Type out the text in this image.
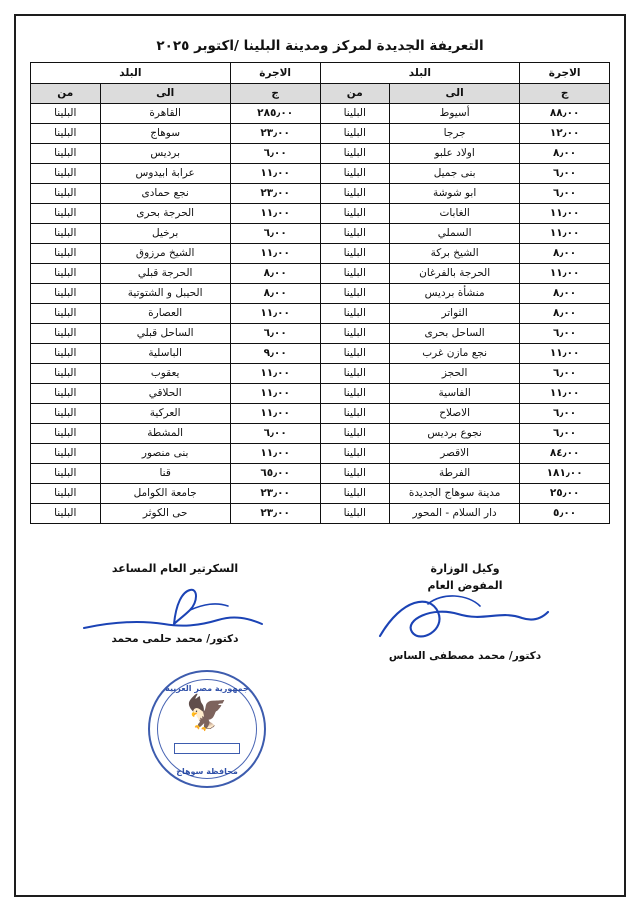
التعريفة الجديدة لمركز ومدينة البلينا /اكتوبر ٢٠٢٥
الاجرة	البلد		الاجرة	البلد	
ج	الى	من	ج	الى	من
٨٨٫٠٠	أسيوط	البلينا	٢٨٥٫٠٠	القاهرة	البلينا
١٢٫٠٠	جرجا	البلينا	٢٣٫٠٠	سوهاج	البلينا
٨٫٠٠	اولاد علبو	البلينا	٦٫٠٠	برديس	البلينا
٦٫٠٠	بنى جميل	البلينا	١١٫٠٠	عرابة ابيدوس	البلينا
٦٫٠٠	ابو شوشة	البلينا	٢٣٫٠٠	نجع حمادى	البلينا
١١٫٠٠	الغابات	البلينا	١١٫٠٠	الحرجة بحرى	البلينا
١١٫٠٠	السملي	البلينا	٦٫٠٠	برخيل	البلينا
٨٫٠٠	الشيخ بركة	البلينا	١١٫٠٠	الشيخ مرزوق	البلينا
١١٫٠٠	الحرجة بالفرغان	البلينا	٨٫٠٠	الحرجة قبلي	البلينا
٨٫٠٠	منشأة برديس	البلينا	٨٫٠٠	الحيبل و الشتوتية	البلينا
٨٫٠٠	الثواتر	البلينا	١١٫٠٠	العصارة	البلينا
٦٫٠٠	الساحل بحرى	البلينا	٦٫٠٠	الساحل قبلي	البلينا
١١٫٠٠	نجع مازن غرب	البلينا	٩٫٠٠	الباسلية	البلينا
٦٫٠٠	الحجز	البلينا	١١٫٠٠	يعقوب	البلينا
١١٫٠٠	الفاسية	البلينا	١١٫٠٠	الحلاقي	البلينا
٦٫٠٠	الاصلاح	البلينا	١١٫٠٠	العركية	البلينا
٦٫٠٠	نجوع برديس	البلينا	٦٫٠٠	المشطة	البلينا
٨٤٫٠٠	الاقصر	البلينا	١١٫٠٠	بنى منصور	البلينا
١٨١٫٠٠	الفرطة	البلينا	٦٥٫٠٠	قنا	البلينا
٢٥٫٠٠	مدينة سوهاج الجديدة	البلينا	٢٣٫٠٠	جامعة الكوامل	البلينا
٥٫٠٠	دار السلام - المحور	البلينا	٢٣٫٠٠	حى الكوثر	البلينا
وكيل الوزارة
المفوض العام
دكتور/ محمد مصطفى الساس
السكرتير العام المساعد
دكتور/ محمد حلمى محمد
جمهورية مصر العربية
🦅
محافظة سوهاج
